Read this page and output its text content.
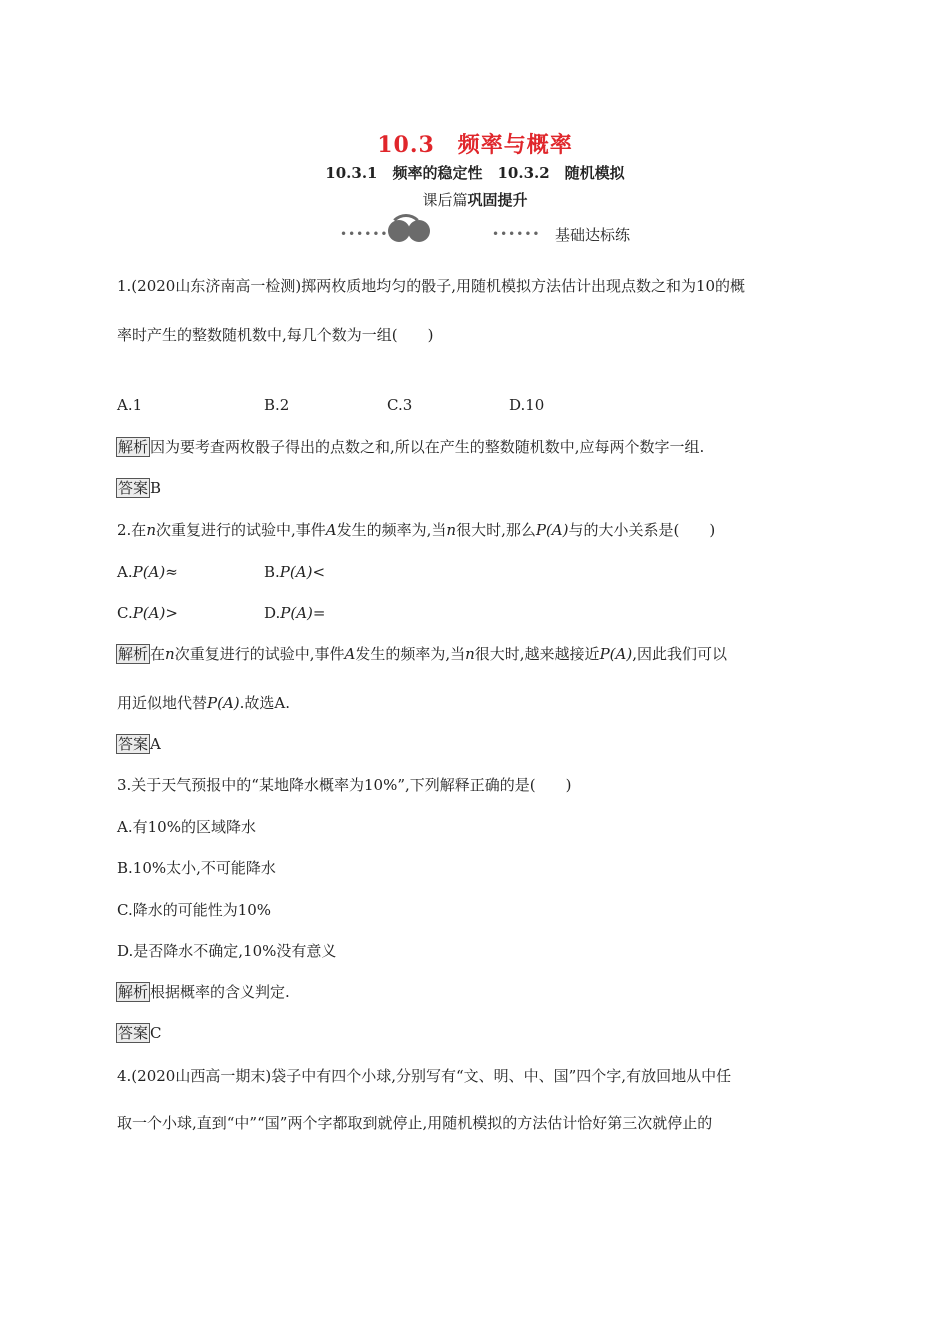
10.3　频率与概率
10.3.1　频率的稳定性　10.3.2　随机模拟
课后篇巩固提升
••••••	•••••• 基础达标练
1.(2020山东济南高一检测)掷两枚质地均匀的骰子,用随机模拟方法估计出现点数之和为10的概
率时产生的整数随机数中,每几个数为一组(　　)
A.1	B.2	C.3	D.10
解析 因为要考查两枚骰子得出的点数之和,所以在产生的整数随机数中,应每两个数字一组.
答案 B
2.在n次重复进行的试验中,事件A发生的频率为,当n很大时,那么P(A)与的大小关系是(　　)
A.P(A)≈	B.P(A)<
C.P(A)>	D.P(A)=
解析 在n次重复进行的试验中,事件A发生的频率为,当n很大时,越来越接近P(A),因此我们可以
用近似地代替P(A).故选A.
答案 A
3.关于天气预报中的“某地降水概率为10%”,下列解释正确的是(　　)
A.有10%的区域降水
B.10%太小,不可能降水
C.降水的可能性为10%
D.是否降水不确定,10%没有意义
解析 根据概率的含义判定.
答案 C
4.(2020山西高一期末)袋子中有四个小球,分别写有“文、明、中、国”四个字,有放回地从中任
取一个小球,直到“中”“国”两个字都取到就停止,用随机模拟的方法估计恰好第三次就停止的
